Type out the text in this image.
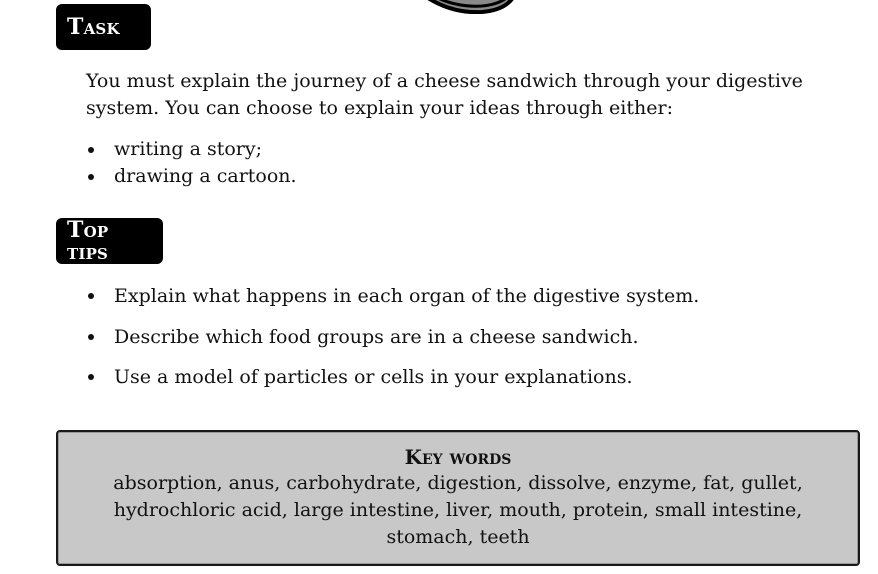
Task

You must explain the journey of a cheese sandwich through your digestive system. You can choose to explain your ideas through either:

writing a story;
drawing a cartoon.
Top tips
Explain what happens in each organ of the digestive system.
Describe which food groups are in a cheese sandwich.
Use a model of particles or cells in your explanations.
Key words
absorption, anus, carbohydrate, digestion, dissolve, enzyme, fat, gullet,
hydrochloric acid, large intestine, liver, mouth, protein, small intestine,
stomach, teeth
